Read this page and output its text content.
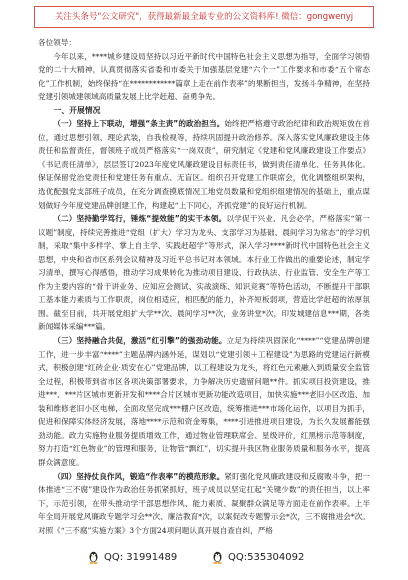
关注头条号"公文研究"，获得最新最全最专业的公文资料库! 微信：gongwenyj

各位领导：

今年以来，****城乡建设局坚持以习近平新时代中国特色社会主义思想为指导，全面学习领悟党的二十大精神，认真贯彻落实省委和市委关于加强基层党建“六个一”工作要求和市委“五个常态化”工作机制，始终保持“在************篇章上走在前作表率”的果断担当，发扬斗争精神，在坚持党建引领城建领域高质量发展上比学赶超、奋勇争先。

一、开展情况

（一）坚持上下联动，增强“条主责”的政治担当。始终把严格遵守政治纪律和政治规矩放在首位，通过思想引领、理论武装，自我检视等，持续巩固提升政治修养。深入落实党风廉政建设主体责任和监督责任，督领班子成员严格落实“一岗双责”，研究制定《党建和党风廉政建设工作要点》《书记责任清单》，层层签订2023年度党风廉政建设目标责任书，做到责任清单化、任务具体化。保证保留党治党责任和党建任务有重点、无盲区。组织召开党建工作联席会，优化调整组织架构，选优配强党支部班子成员，在充分调查摸底情况工地党员数量和党组织组建情况的基础上，重点谋划做好今年度党建品牌创建工作，构建起“上下同心，齐抓党建”的良好运行机制。

（二）坚持勤学笃行，锤炼“提效能”的实干本领。以学促干兴业、凡会必学，严格落实“第一议题”制度，持续完善推进“党组（扩大）学习为龙头、支部学习为基础、晨间学习为常态”的学习机制，采取“集中多样学、掌上自主学、实践赶超学”等形式，深入学习****新时代中国特色社会主义思想，中央和省市区系列会议精神及习近平总书记对本领域。本行业工作做出的重要论述，制定学习清单，撰写心得感悟，推动学习成果转化为推动项目建设、行政执法、行业监管、安全生产等工作为主要内容的“骨干讲业务、应知应会测试、实战演练、知识竞赛”等特色活动，不断提升干部职工基本能力素质与工作职责，岗位相适应，相匹配的能力，补齐短板弱项，营造比学赶超的浓厚氛围。截至目前，共开展党组扩大学**次、晨间学习**次，业务讲堂*次，印发城建信息***期，各类新闻媒体采编***篇。

（三）坚持融合共促，激活“红引擎”的强劲动能。立足为持续巩固深化“****”“党建品牌创建工作，进一步丰富“****”主题品牌内涵外延，谋划以“党建引领＋工程建设”为思路的党建运行新模式，积极创建“红砖企业·质安在心”党建品牌，以工程建设为龙头，将红色元素融入到质量安全监管全过程，积极带到省市区各项决策部署要求，力争解决历史遗留问题**件。抓实项目投资建设，推进***、***片区城市更新开发和****合片区城市更新功能改造项目，加快实施***老旧小区改造、加装和维修老旧小区电梯，全面攻坚完成***棚户区改造，统筹推进***市场化运作，以项目为抓手，促进和保障实体经济发展，落地****示范和资金筹集，****引进推进项目建设，为长久发展蓄能强劲动能。政力实施物业服务提质增效工作，通过物业管理联席会、星级评价，红黑榜示范等制度，努力打造“红色物业”的管理和服务，让物管“飘红”，切实提升我区物业服务质量和服务水平，提高群众满意度。

（四）坚持仗良作风，锻造“作表率”的模范形象。紧盯强化党风廉政建设和反腐败斗争，把一体推进“三不腐”建设作为政治任务抓紧抓好，班子成员以坚定扛起“关键少数”的责任担当，以上率下，示范引领，在带头推动学干部思想作风、能力素质、凝聚群众满足等方面走在前作表率。上半年全局开展党风廉政专题学习会**次、廉洁教育*次，以案促改专题警示会*次，三不腐推进会*次。对照《“三不腐”实施方案》3个方面24项问题认真开展自查自纠，严格

QQ: 31991489	QQ:535304092
